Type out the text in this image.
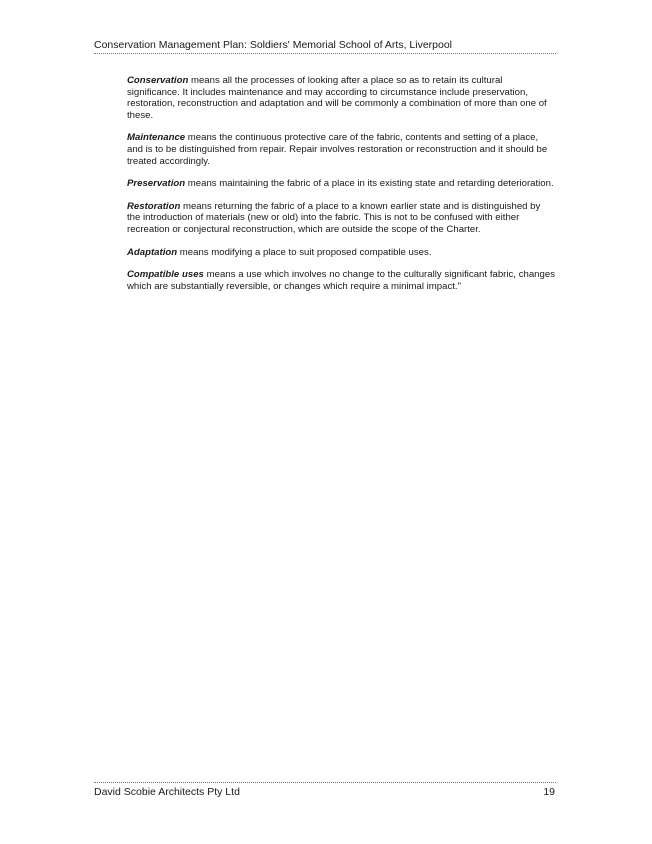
Conservation Management Plan: Soldiers' Memorial School of Arts, Liverpool

Conservation means all the processes of looking after a place so as to retain its cultural significance. It includes maintenance and may according to circumstance include preservation, restoration, reconstruction and adaptation and will be commonly a combination of more than one of these.

Maintenance means the continuous protective care of the fabric, contents and setting of a place, and is to be distinguished from repair. Repair involves restoration or reconstruction and it should be treated accordingly.

Preservation means maintaining the fabric of a place in its existing state and retarding deterioration.

Restoration means returning the fabric of a place to a known earlier state and is distinguished by the introduction of materials (new or old) into the fabric. This is not to be confused with either recreation or conjectural reconstruction, which are outside the scope of the Charter.

Adaptation means modifying a place to suit proposed compatible uses.

Compatible uses means a use which involves no change to the culturally significant fabric, changes which are substantially reversible, or changes which require a minimal impact."

David Scobie Architects Pty Ltd	19
